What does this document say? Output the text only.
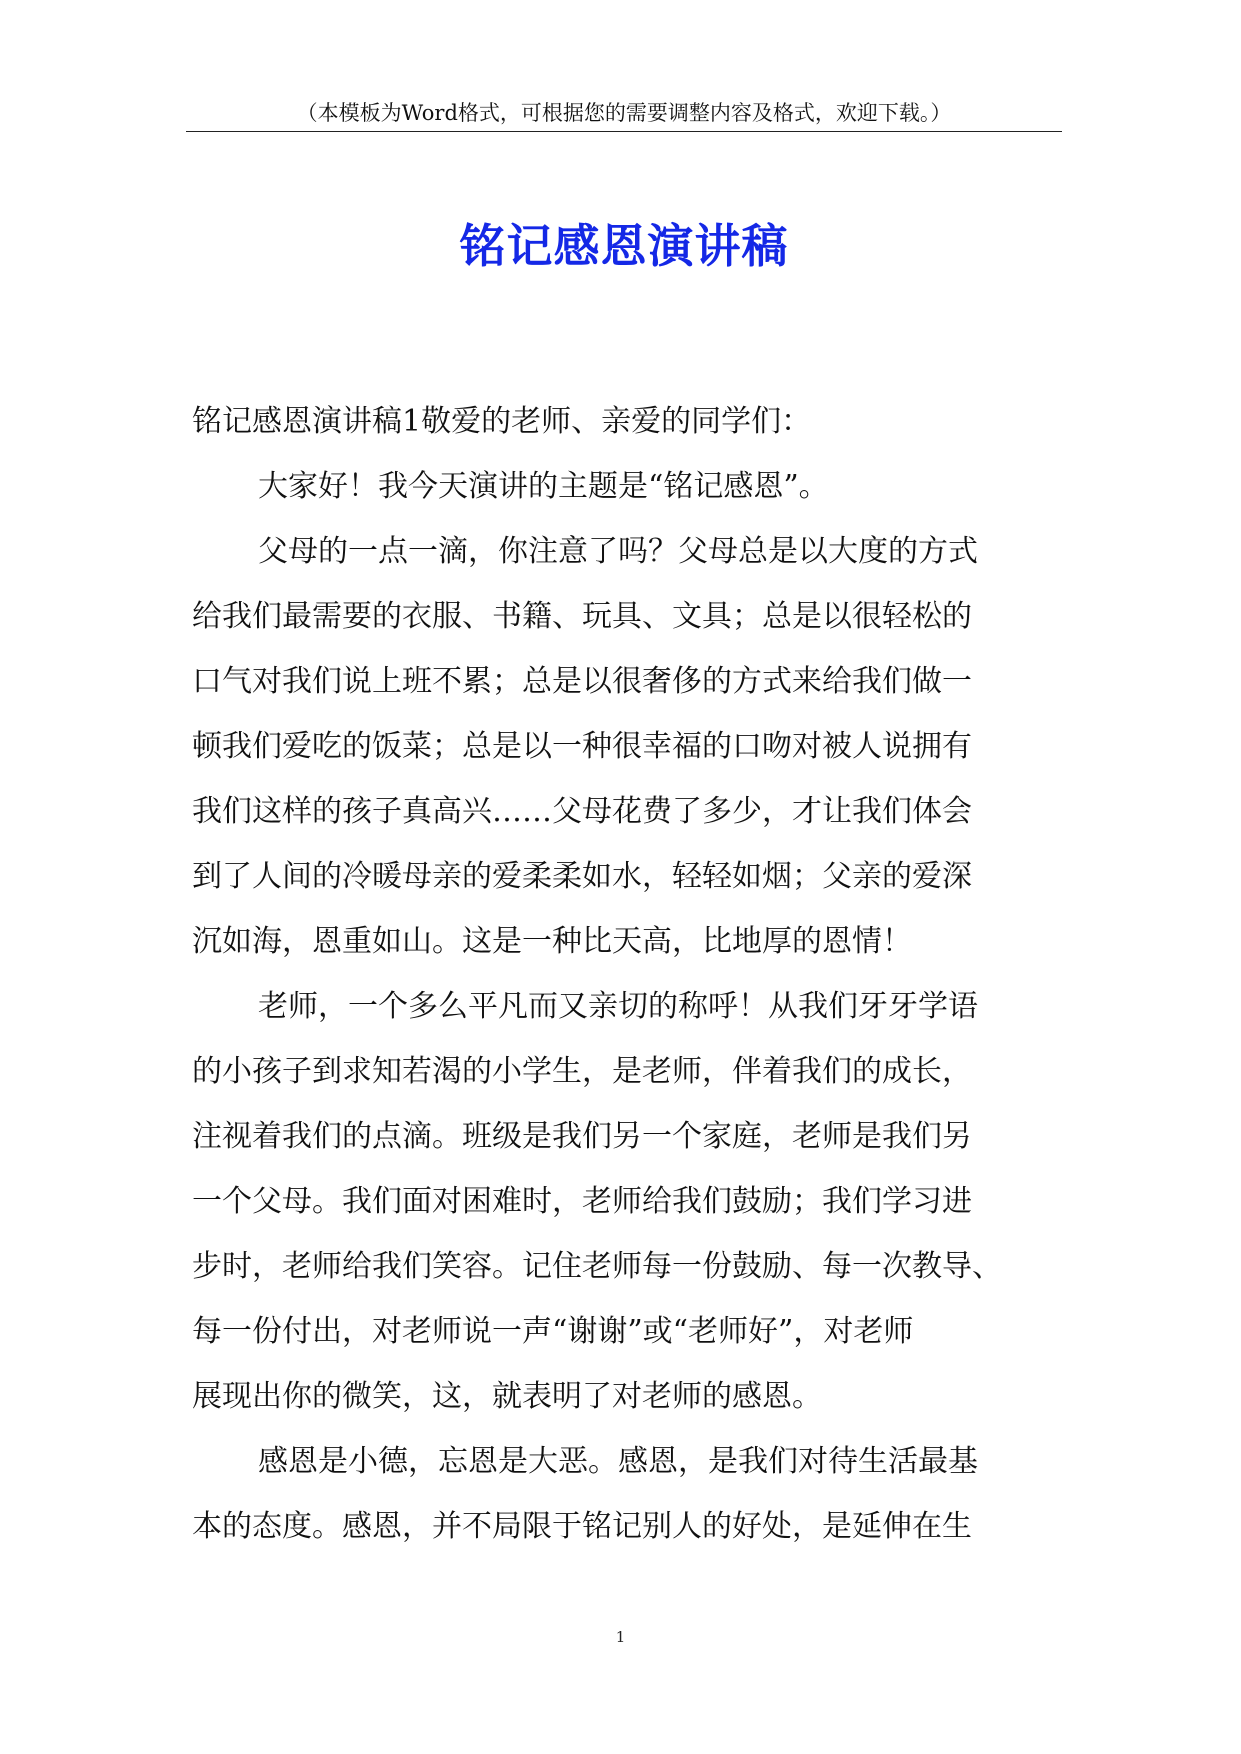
（本模板为Word格式，可根据您的需要调整内容及格式，欢迎下载。）
铭记感恩演讲稿
铭记感恩演讲稿1敬爱的老师、亲爱的同学们：
大家好！我今天演讲的主题是“铭记感恩”。
父母的一点一滴，你注意了吗？父母总是以大度的方式
给我们最需要的衣服、书籍、玩具、文具；总是以很轻松的
口气对我们说上班不累；总是以很奢侈的方式来给我们做一
顿我们爱吃的饭菜；总是以一种很幸福的口吻对被人说拥有
我们这样的孩子真高兴……父母花费了多少，才让我们体会
到了人间的冷暖母亲的爱柔柔如水，轻轻如烟；父亲的爱深
沉如海，恩重如山。这是一种比天高，比地厚的恩情！
老师，一个多么平凡而又亲切的称呼！从我们牙牙学语
的小孩子到求知若渴的小学生，是老师，伴着我们的成长，
注视着我们的点滴。班级是我们另一个家庭，老师是我们另
一个父母。我们面对困难时，老师给我们鼓励；我们学习进
步时，老师给我们笑容。记住老师每一份鼓励、每一次教导、
每一份付出，对老师说一声“谢谢”或“老师好”，对老师
展现出你的微笑，这，就表明了对老师的感恩。
感恩是小德，忘恩是大恶。感恩，是我们对待生活最基
本的态度。感恩，并不局限于铭记别人的好处，是延伸在生
1
